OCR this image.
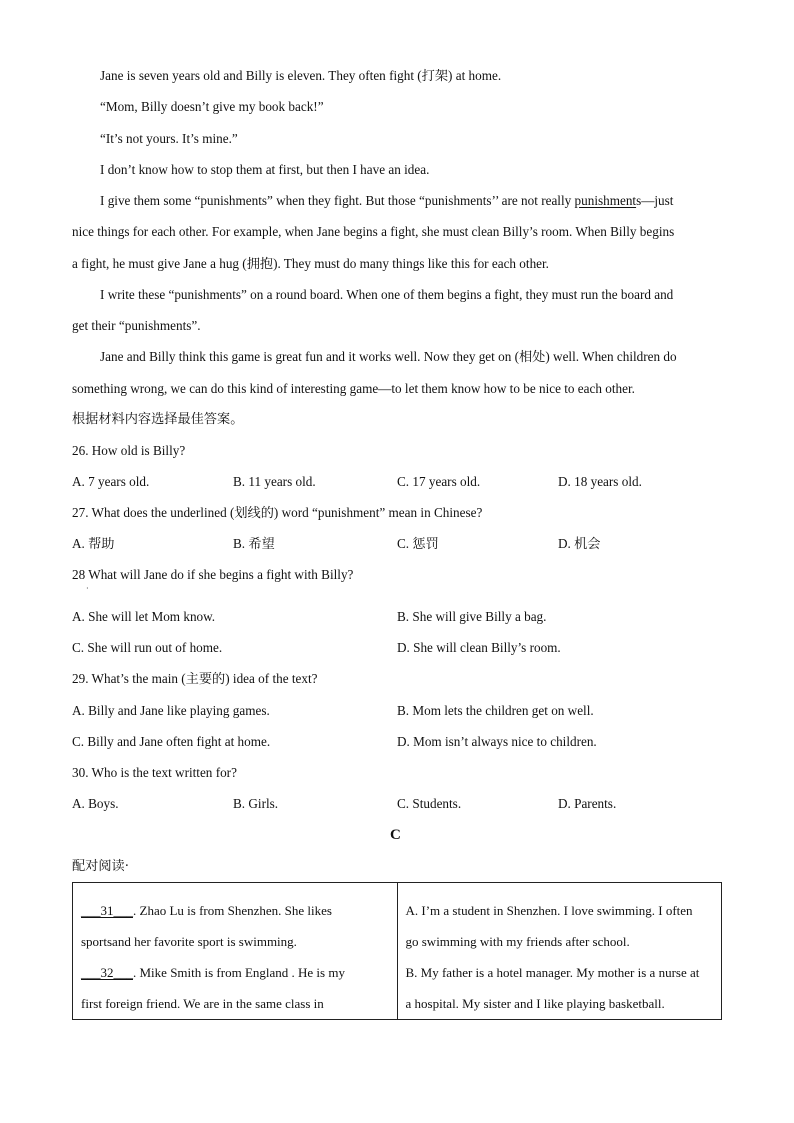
Jane is seven years old and Billy is eleven. They often fight (打架) at home.
“Mom, Billy doesn’t give my book back!”
“It’s not yours. It’s mine.”
I don’t know how to stop them at first, but then I have an idea.
I give them some “punishments” when they fight. But those “punishments’’ are not really punishments—just
nice things for each other. For example, when Jane begins a fight, she must clean Billy’s room. When Billy begins
a fight, he must give Jane a hug (拥抱). They must do many things like this for each other.
I write these “punishments” on a round board. When one of them begins a fight, they must run the board and
get their “punishments”.
Jane and Billy think this game is great fun and it works well. Now they get on (相处) well. When children do
something wrong, we can do this kind of interesting game—to let them know how to be nice to each other.
根据材料内容选择最佳答案。
26. How old is Billy?
A. 7 years old.	B. 11 years old.	C. 17 years old.	D. 18 years old.
27. What does the underlined (划线的) word “punishment” mean in Chinese?
A. 帮助	B. 希望	C. 惩罚	D. 机会
28 What will Jane do if she begins a fight with Billy?
·
A. She will let Mom know.	B. She will give Billy a bag.
C. She will run out of home.	D. She will clean Billy’s room.
29. What’s the main (主要的) idea of the text?
A. Billy and Jane like playing games.	B. Mom lets the children get on well.
C. Billy and Jane often fight at home.	D. Mom isn’t always nice to children.
30. Who is the text written for?
A. Boys.	B. Girls.	C. Students.	D. Parents.
C
配对阅读·
___31___. Zhao Lu is from Shenzhen. She likes
sportsand her favorite sport is swimming.
___32___. Mike Smith is from England . He is my
first foreign friend. We are in the same class in

A. I’m a student in Shenzhen. I love swimming. I often
go swimming with my friends after school.
B. My father is a hotel manager. My mother is a nurse at
a hospital. My sister and I like playing basketball.
